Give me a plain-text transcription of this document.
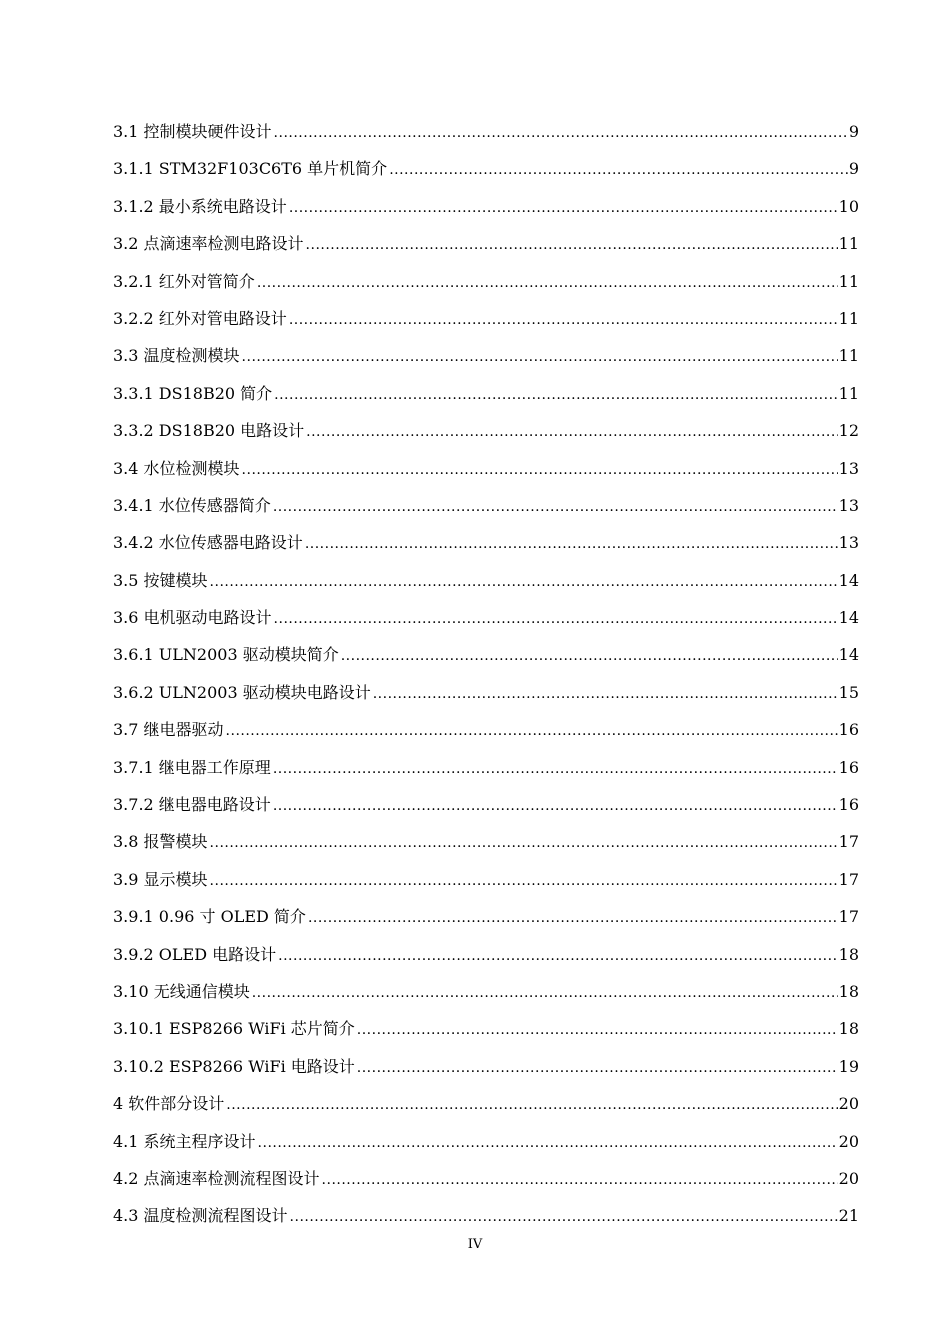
3.1 控制模块硬件设计 .....	9
3.1.1 STM32F103C6T6 单片机简介 .....	9
3.1.2 最小系统电路设计 .....	10
3.2 点滴速率检测电路设计 .....	11
3.2.1 红外对管简介 .....	11
3.2.2 红外对管电路设计 .....	11
3.3 温度检测模块 .....	11
3.3.1 DS18B20 简介 .....	11
3.3.2 DS18B20 电路设计 .....	12
3.4 水位检测模块 .....	13
3.4.1 水位传感器简介 .....	13
3.4.2 水位传感器电路设计 .....	13
3.5 按键模块 .....	14
3.6 电机驱动电路设计 .....	14
3.6.1 ULN2003 驱动模块简介 .....	14
3.6.2 ULN2003 驱动模块电路设计 .....	15
3.7 继电器驱动 .....	16
3.7.1 继电器工作原理 .....	16
3.7.2 继电器电路设计 .....	16
3.8 报警模块 .....	17
3.9 显示模块 .....	17
3.9.1 0.96 寸 OLED 简介 .....	17
3.9.2 OLED 电路设计 .....	18
3.10 无线通信模块 .....	18
3.10.1 ESP8266 WiFi 芯片简介 .....	18
3.10.2 ESP8266 WiFi 电路设计 .....	19
4 软件部分设计 .....	20
4.1 系统主程序设计 .....	20
4.2 点滴速率检测流程图设计 .....	20
4.3 温度检测流程图设计 .....	21
IV
